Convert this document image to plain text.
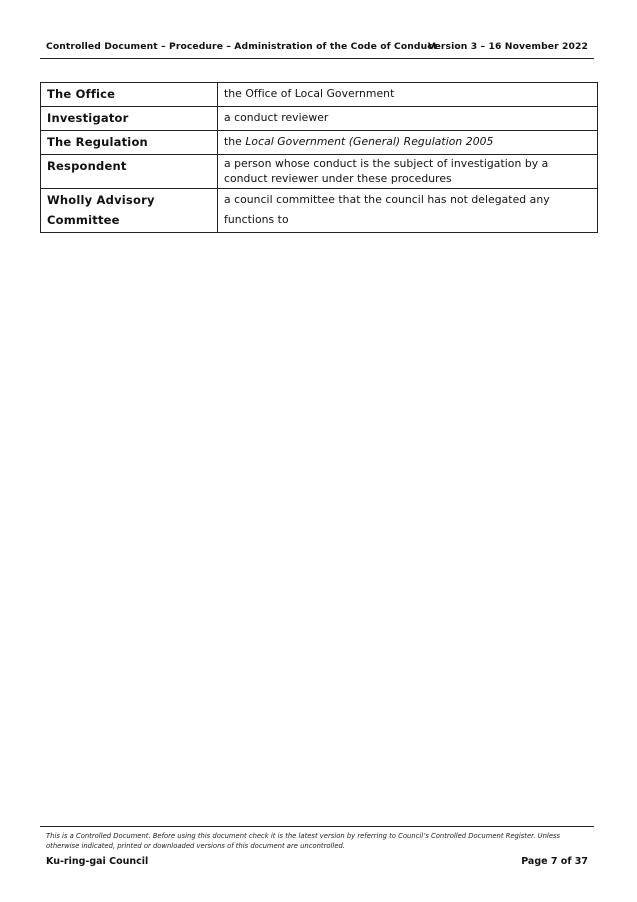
Controlled Document – Procedure – Administration of the Code of Conduct
Version 3 – 16 November 2022
The Office	the Office of Local Government
Investigator	a conduct reviewer
The Regulation	the Local Government (General) Regulation 2005
Respondent	a person whose conduct is the subject of investigation by a conduct reviewer under these procedures
Wholly Advisory Committee	a council committee that the council has not delegated any functions to
This is a Controlled Document. Before using this document check it is the latest version by referring to Council’s Controlled Document Register. Unless otherwise indicated, printed or downloaded versions of this document are uncontrolled.
Ku-ring-gai Council	Page 7 of 37
